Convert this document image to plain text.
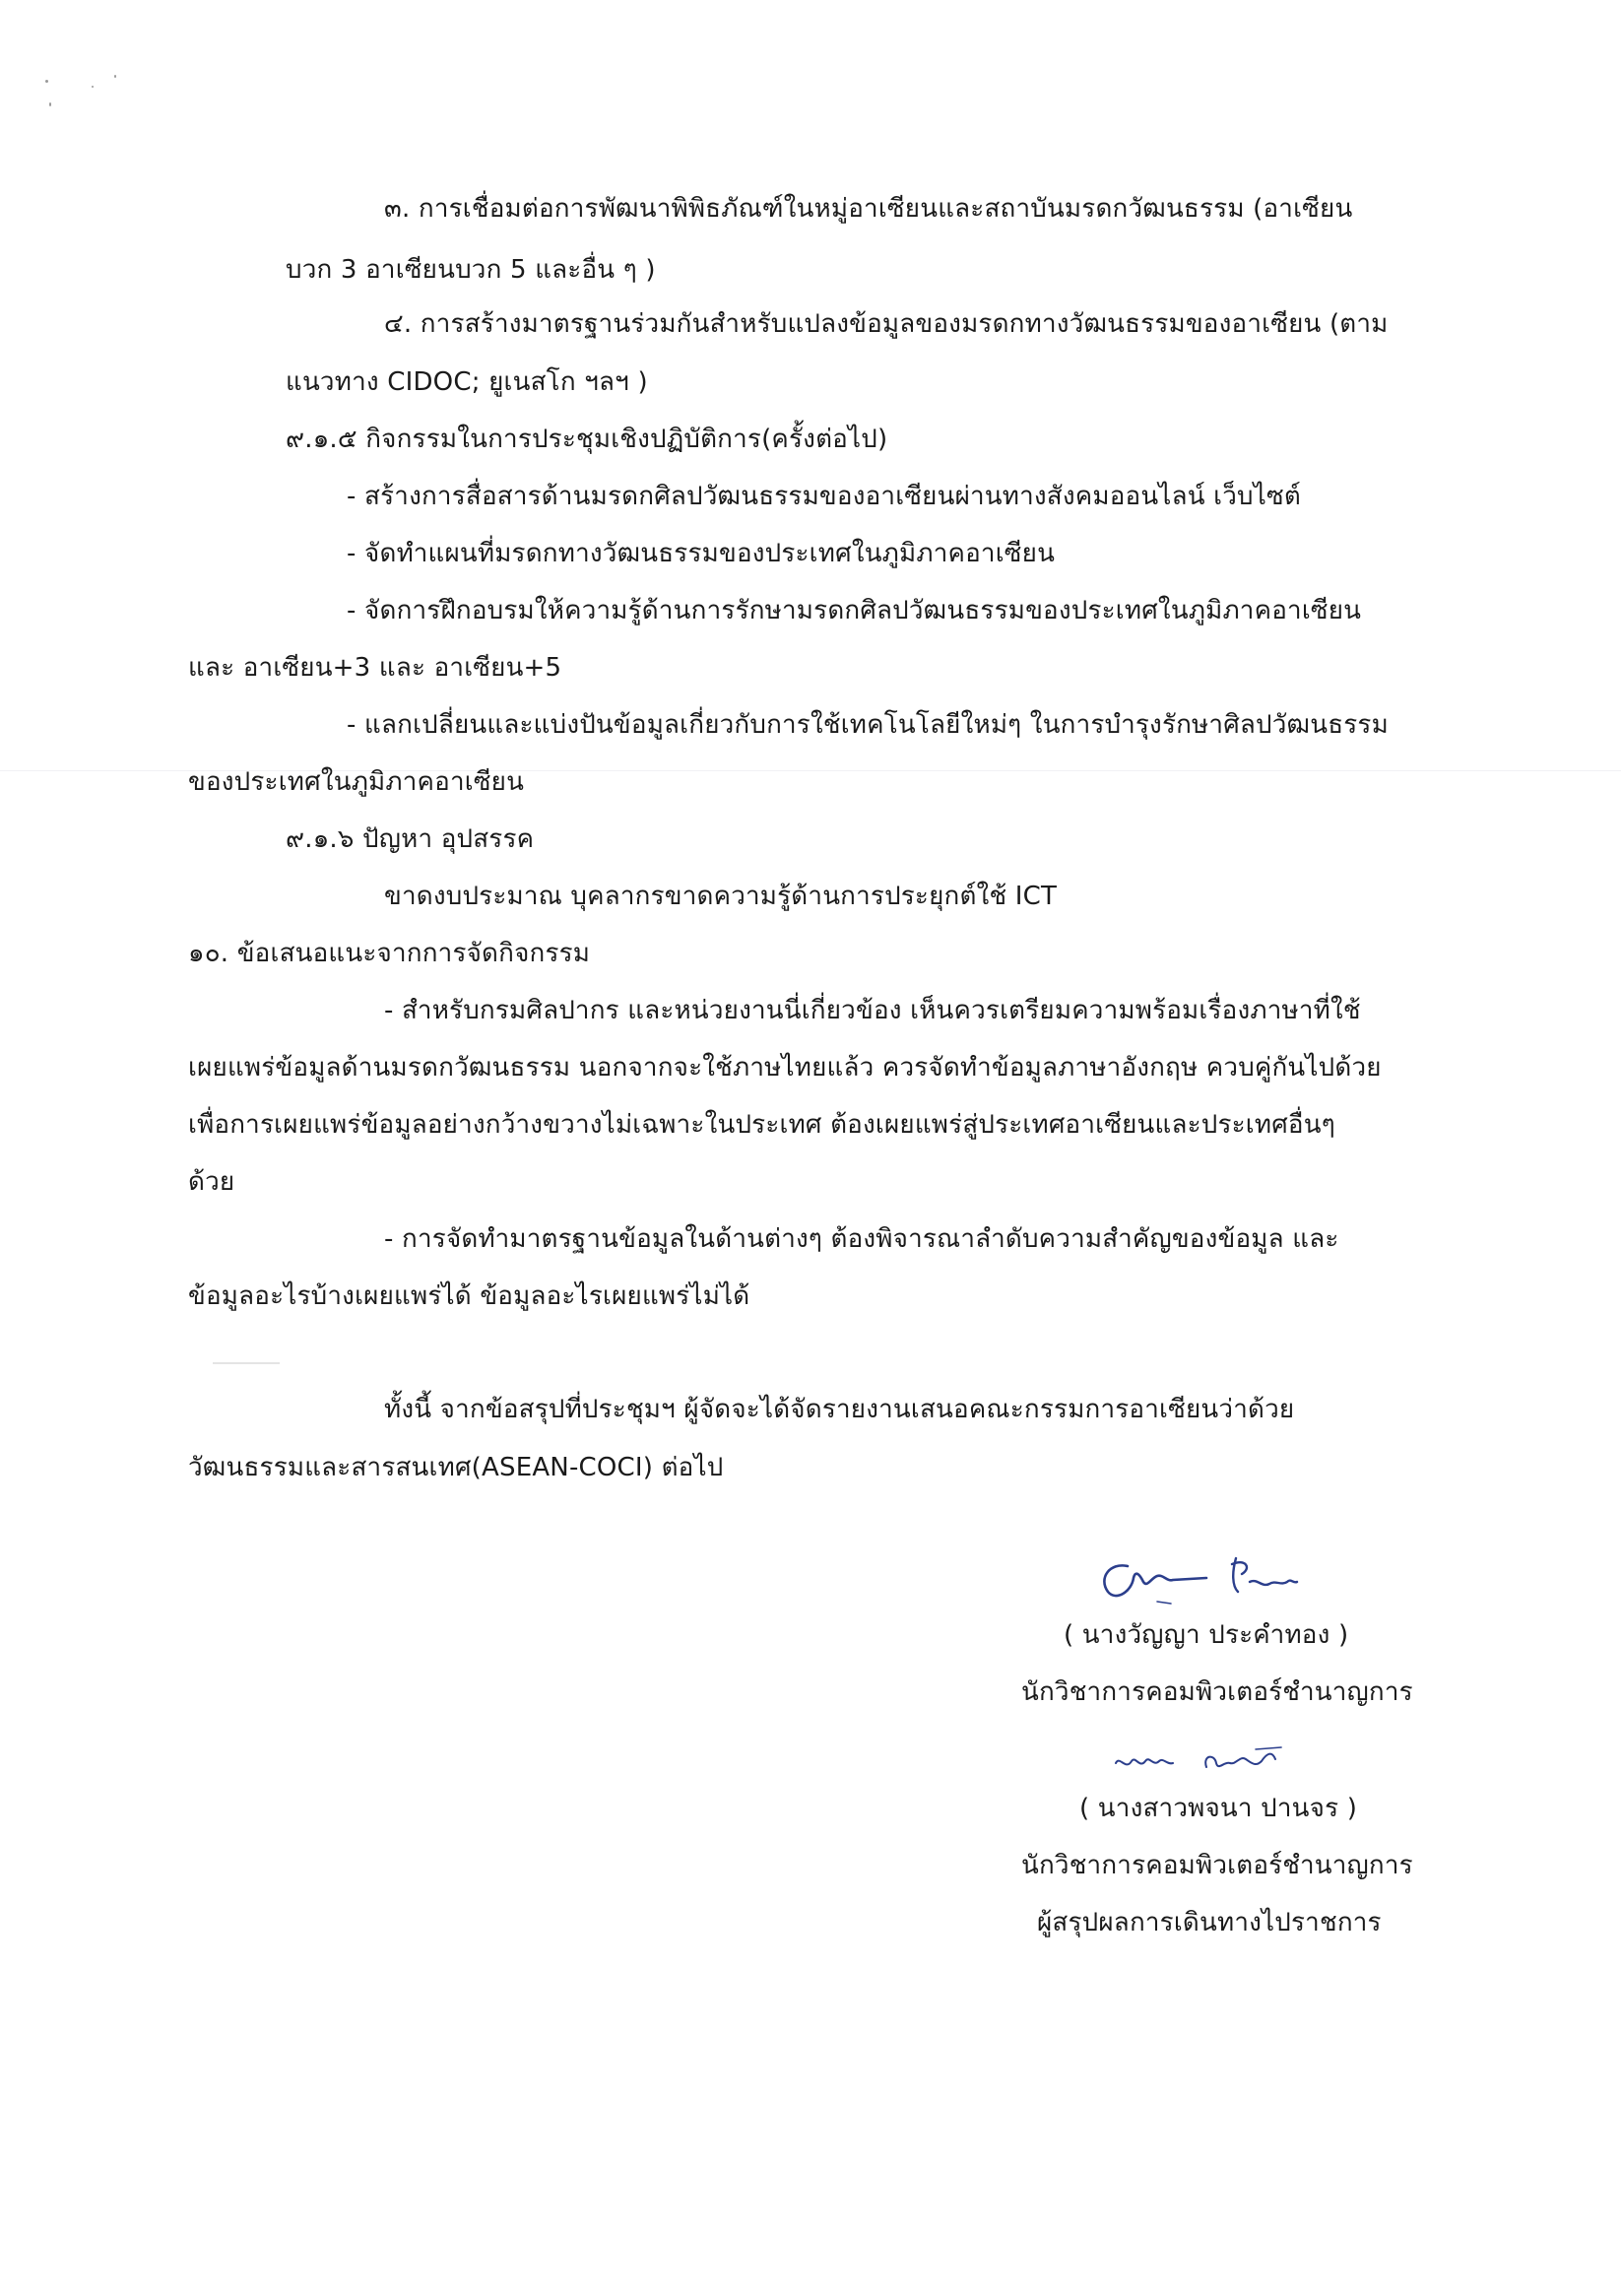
๓. การเชื่อมต่อการพัฒนาพิพิธภัณฑ์ในหมู่อาเซียนและสถาบันมรดกวัฒนธรรม (อาเซียน
บวก 3 อาเซียนบวก 5 และอื่น ๆ )
๔. การสร้างมาตรฐานร่วมกันสำหรับแปลงข้อมูลของมรดกทางวัฒนธรรมของอาเซียน (ตาม
แนวทาง CIDOC; ยูเนสโก ฯลฯ )
๙.๑.๕ กิจกรรมในการประชุมเชิงปฏิบัติการ(ครั้งต่อไป)
- สร้างการสื่อสารด้านมรดกศิลปวัฒนธรรมของอาเซียนผ่านทางสังคมออนไลน์ เว็บไซต์
- จัดทำแผนที่มรดกทางวัฒนธรรมของประเทศในภูมิภาคอาเซียน
- จัดการฝึกอบรมให้ความรู้ด้านการรักษามรดกศิลปวัฒนธรรมของประเทศในภูมิภาคอาเซียน
และ อาเซียน+3 และ อาเซียน+5
- แลกเปลี่ยนและแบ่งปันข้อมูลเกี่ยวกับการใช้เทคโนโลยีใหม่ๆ ในการบำรุงรักษาศิลปวัฒนธรรม
ของประเทศในภูมิภาคอาเซียน
๙.๑.๖ ปัญหา อุปสรรค
ขาดงบประมาณ บุคลากรขาดความรู้ด้านการประยุกต์ใช้ ICT
๑๐. ข้อเสนอแนะจากการจัดกิจกรรม
- สำหรับกรมศิลปากร และหน่วยงานนี่เกี่ยวข้อง เห็นควรเตรียมความพร้อมเรื่องภาษาที่ใช้
เผยแพร่ข้อมูลด้านมรดกวัฒนธรรม นอกจากจะใช้ภาษไทยแล้ว ควรจัดทำข้อมูลภาษาอังกฤษ ควบคู่กันไปด้วย
เพื่อการเผยแพร่ข้อมูลอย่างกว้างขวางไม่เฉพาะในประเทศ ต้องเผยแพร่สู่ประเทศอาเซียนและประเทศอื่นๆ
ด้วย
- การจัดทำมาตรฐานข้อมูลในด้านต่างๆ ต้องพิจารณาลำดับความสำคัญของข้อมูล และ
ข้อมูลอะไรบ้างเผยแพร่ได้ ข้อมูลอะไรเผยแพร่ไม่ได้
ทั้งนี้ จากข้อสรุปที่ประชุมฯ ผู้จัดจะได้จัดรายงานเสนอคณะกรรมการอาเซียนว่าด้วย
วัฒนธรรมและสารสนเทศ(ASEAN-COCI) ต่อไป
( นางวัญญา ประคำทอง )
นักวิชาการคอมพิวเตอร์ชำนาญการ
( นางสาวพจนา ปานจร )
นักวิชาการคอมพิวเตอร์ชำนาญการ
ผู้สรุปผลการเดินทางไปราชการ
